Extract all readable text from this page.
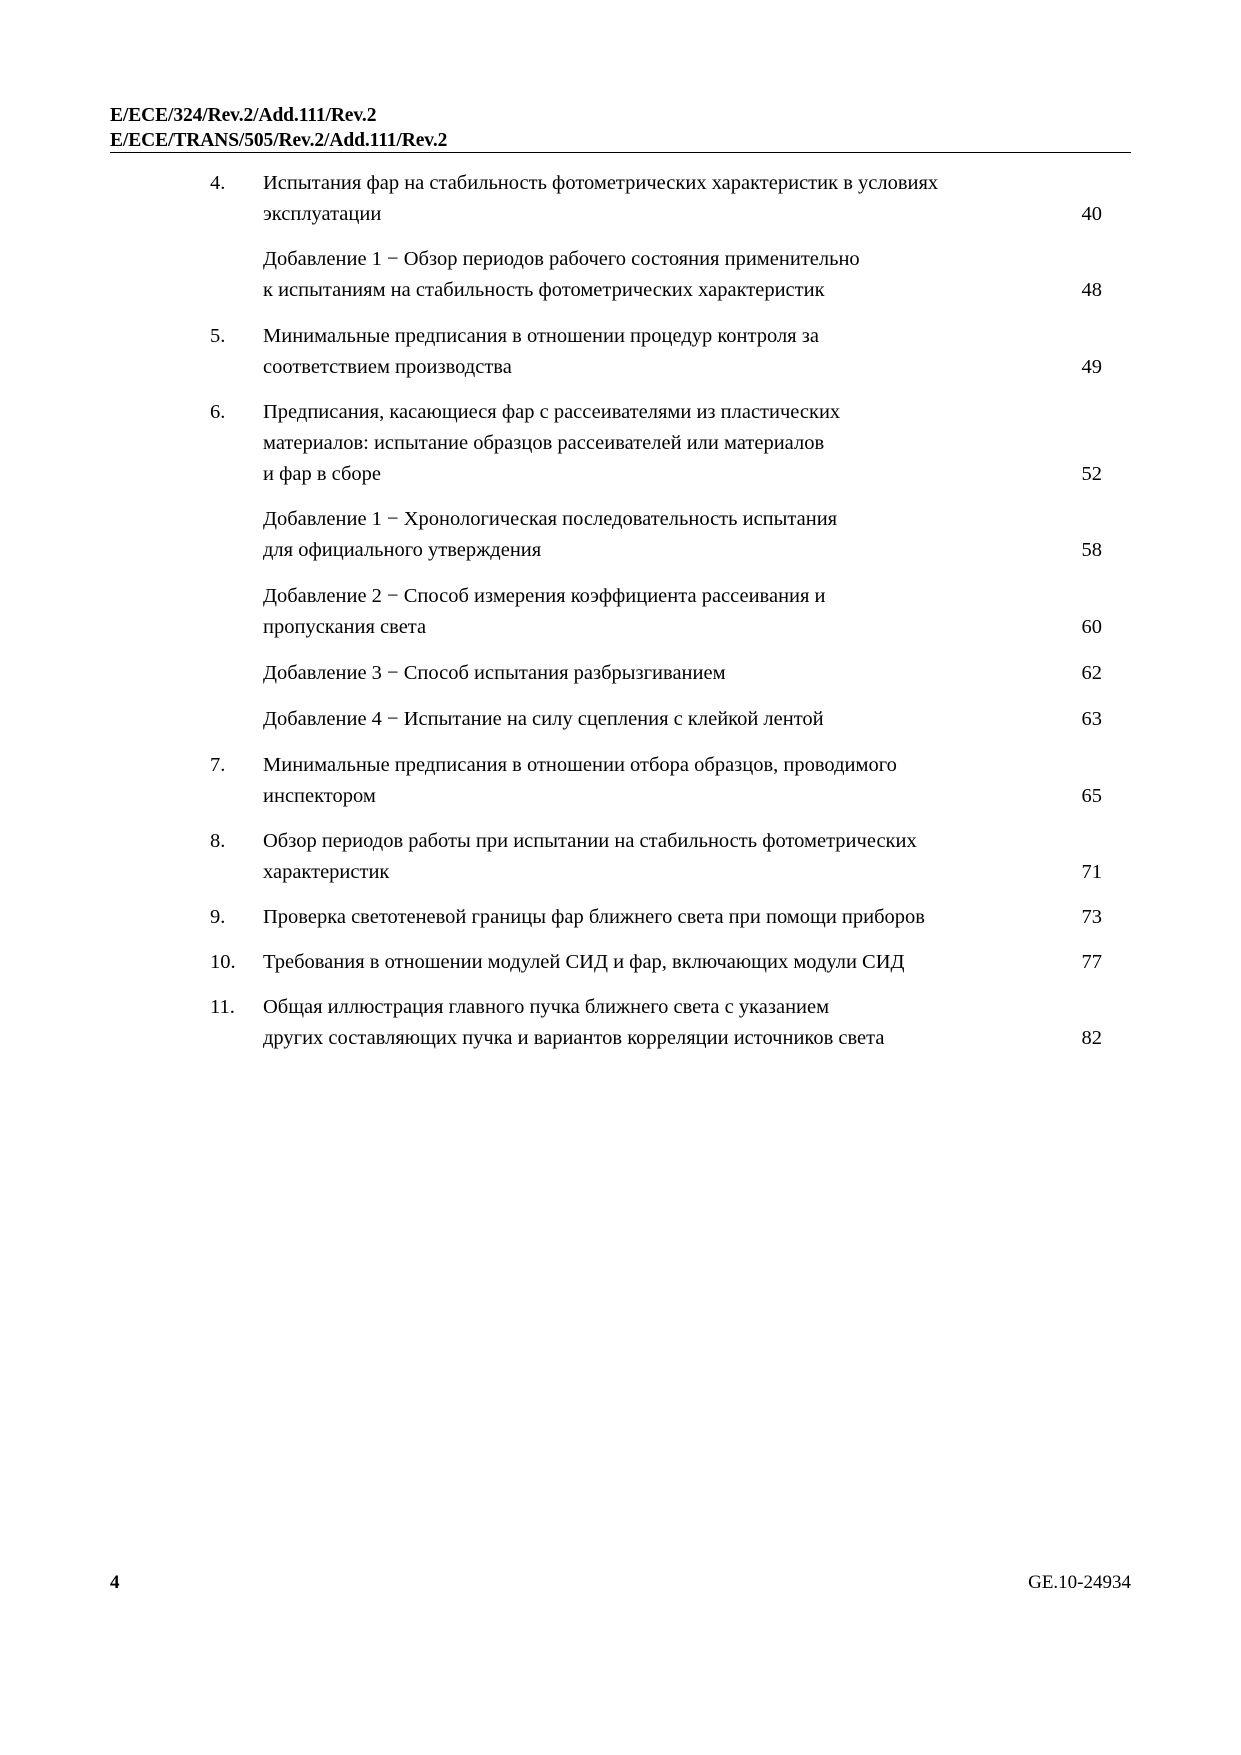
E/ECE/324/Rev.2/Add.111/Rev.2
E/ECE/TRANS/505/Rev.2/Add.111/Rev.2
4.	Испытания фар на стабильность фотометрических характеристик в условиях
эксплуатации	40
Добавление 1 − Обзор периодов рабочего состояния применительно
к испытаниям на стабильность фотометрических характеристик	48
5.	Минимальные предписания в отношении процедур контроля за
соответствием производства	49
6.	Предписания, касающиеся фар с рассеивателями из пластических
материалов: испытание образцов рассеивателей или материалов
и фар в сборе	52
Добавление 1 − Хронологическая последовательность испытания
для официального утверждения	58
Добавление 2 − Способ измерения коэффициента рассеивания и
пропускания света	60
Добавление 3 − Способ испытания разбрызгиванием	62
Добавление 4 − Испытание на силу сцепления с клейкой лентой	63
7.	Минимальные предписания в отношении отбора образцов, проводимого
инспектором	65
8.	Обзор периодов работы при испытании на стабильность фотометрических
характеристик	71
9.	Проверка светотеневой границы фар ближнего света при помощи приборов	73
10.	Требования в отношении модулей СИД и фар, включающих модули СИД	77
11.	Общая иллюстрация главного пучка ближнего света с указанием
других составляющих пучка и вариантов корреляции источников света	82
4	GE.10-24934
